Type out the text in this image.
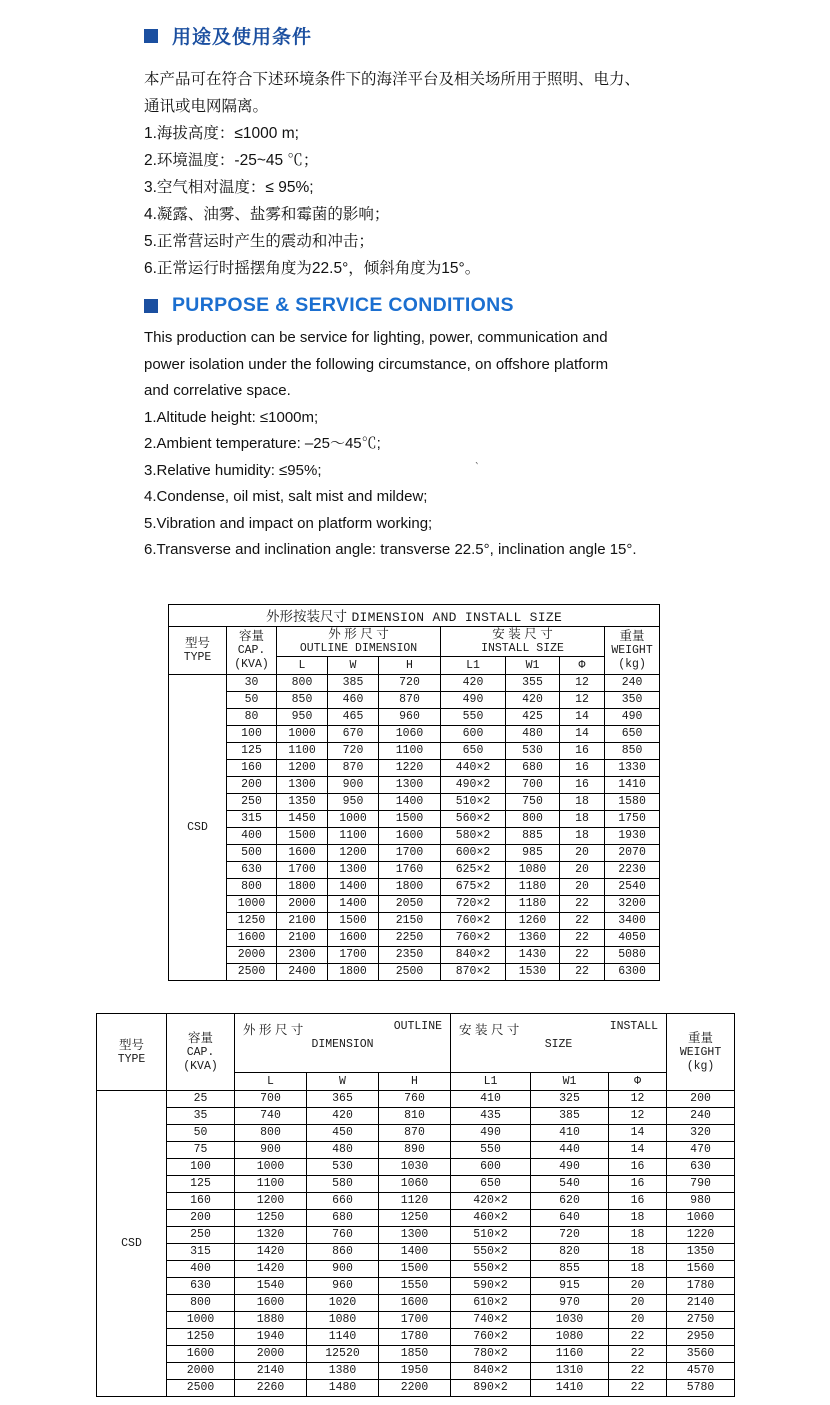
用途及使用条件
本产品可在符合下述环境条件下的海洋平台及相关场所用于照明、电力、
通讯或电网隔离。
1.海拔高度：≤1000 m;
2.环境温度：-25~45 ℃；
3.空气相对温度：≤ 95%;
4.凝露、油雾、盐雾和霉菌的影响；
5.正常营运时产生的震动和冲击；
6.正常运行时摇摆角度为22.5°，倾斜角度为15°。
PURPOSE & SERVICE CONDITIONS
This production can be service for lighting, power, communication and
power isolation under the following circumstance, on offshore platform
and correlative space.
1.Altitude height: ≤1000m;
2.Ambient temperature: –25～45℃;
3.Relative humidity: ≤95%;
4.Condense, oil mist, salt mist and mildew;
5.Vibration and impact on platform working;
6.Transverse and inclination angle: transverse 22.5°, inclination angle 15°.
`
外形按装尺寸 DIMENSION AND INSTALL SIZE								

型号
TYPE

容量
CAP.
(KVA)

外 形 尺 寸
OUTLINE DIMENSION

安 装 尺 寸
INSTALL SIZE

重量
WEIGHT
(kg)

		L	W	H	L1	W1	Φ	
CSD	30	800	385	720	420	355	12	240
	50	850	460	870	490	420	12	350
	80	950	465	960	550	425	14	490
	100	1000	670	1060	600	480	14	650
	125	1100	720	1100	650	530	16	850
	160	1200	870	1220	440×2	680	16	1330
	200	1300	900	1300	490×2	700	16	1410
	250	1350	950	1400	510×2	750	18	1580
	315	1450	1000	1500	560×2	800	18	1750
	400	1500	1100	1600	580×2	885	18	1930
	500	1600	1200	1700	600×2	985	20	2070
	630	1700	1300	1760	625×2	1080	20	2230
	800	1800	1400	1800	675×2	1180	20	2540
	1000	2000	1400	2050	720×2	1180	22	3200
	1250	2100	1500	2150	760×2	1260	22	3400
	1600	2100	1600	2250	760×2	1360	22	4050
	2000	2300	1700	2350	840×2	1430	22	5080
	2500	2400	1800	2500	870×2	1530	22	6300
型号
TYPE

容量
CAP.
(KVA)

外 形 尺 寸	OUTLINE
DIMENSION

安 装 尺 寸	INSTALL
SIZE	重量
WEIGHT
(kg)

		L	W	H	L1	W1	Φ	
CSD	25	700	365	760	410	325	12	200
	35	740	420	810	435	385	12	240
	50	800	450	870	490	410	14	320
	75	900	480	890	550	440	14	470
	100	1000	530	1030	600	490	16	630
	125	1100	580	1060	650	540	16	790
	160	1200	660	1120	420×2	620	16	980
	200	1250	680	1250	460×2	640	18	1060
	250	1320	760	1300	510×2	720	18	1220
	315	1420	860	1400	550×2	820	18	1350
	400	1420	900	1500	550×2	855	18	1560
	630	1540	960	1550	590×2	915	20	1780
	800	1600	1020	1600	610×2	970	20	2140
	1000	1880	1080	1700	740×2	1030	20	2750
	1250	1940	1140	1780	760×2	1080	22	2950
	1600	2000	12520	1850	780×2	1160	22	3560
	2000	2140	1380	1950	840×2	1310	22	4570
	2500	2260	1480	2200	890×2	1410	22	5780
